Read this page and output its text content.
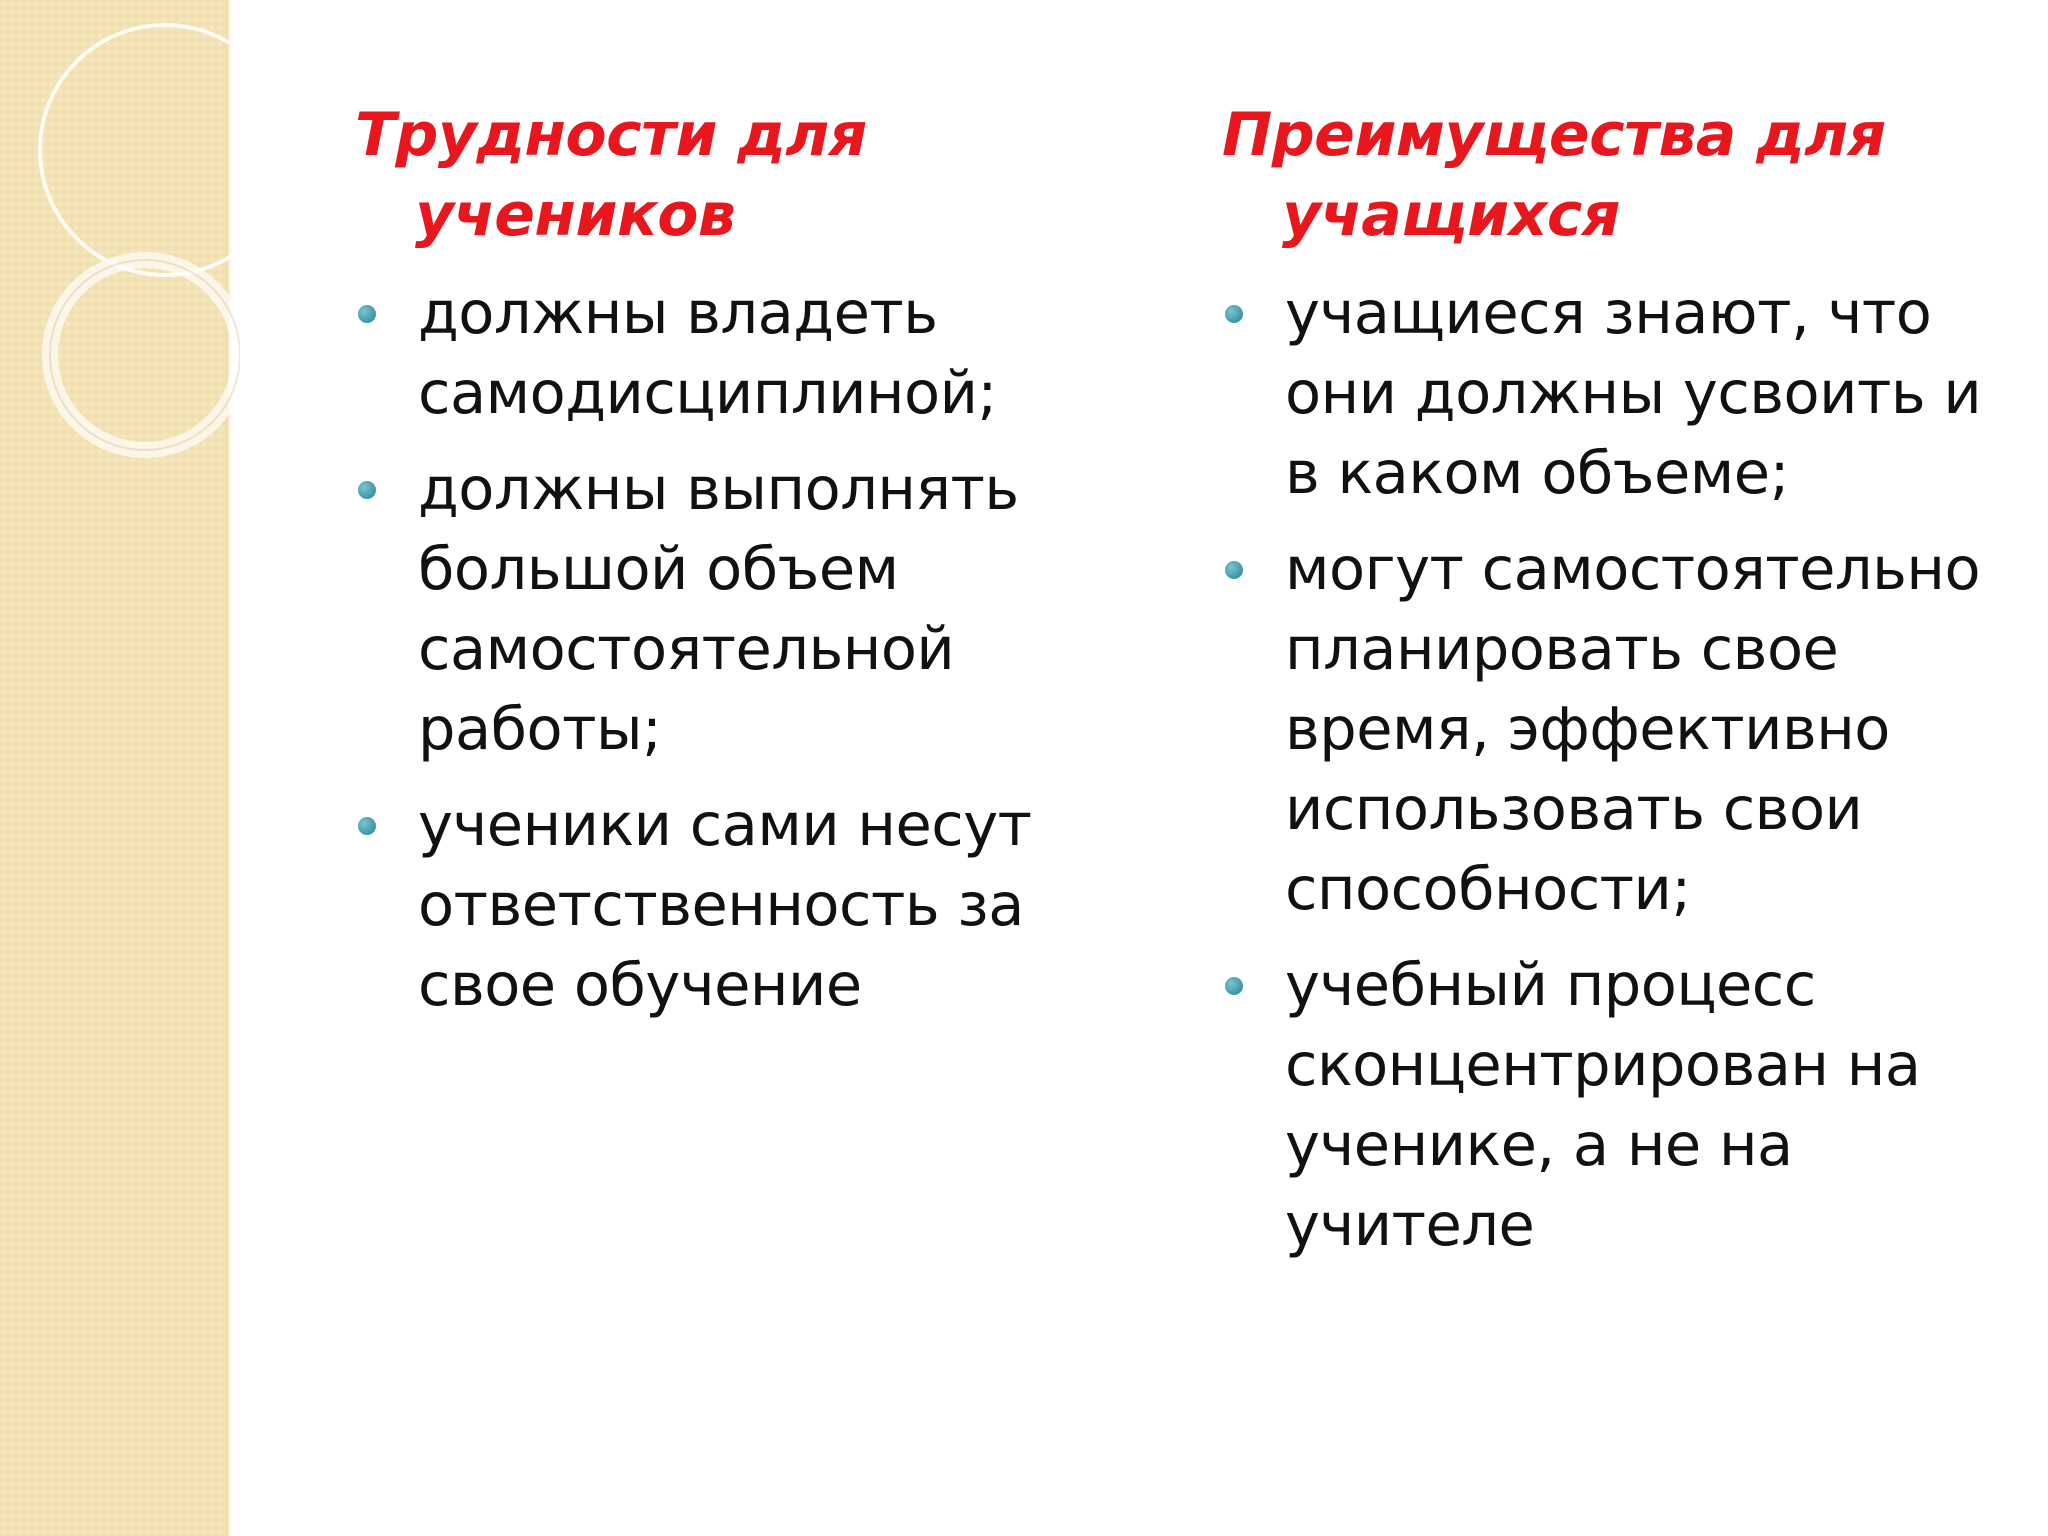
Трудности для учеников
должны владеть самодисциплиной;
должны выполнять большой объем самостоятельной работы;
ученики сами несут ответственность за свое обучение
Преимущества для учащихся
учащиеся знают, что они должны усвоить и в каком объеме;
могут самостоятельно планировать свое время, эффективно использовать свои способности;
учебный процесс сконцентрирован на ученике, а не на учителе
